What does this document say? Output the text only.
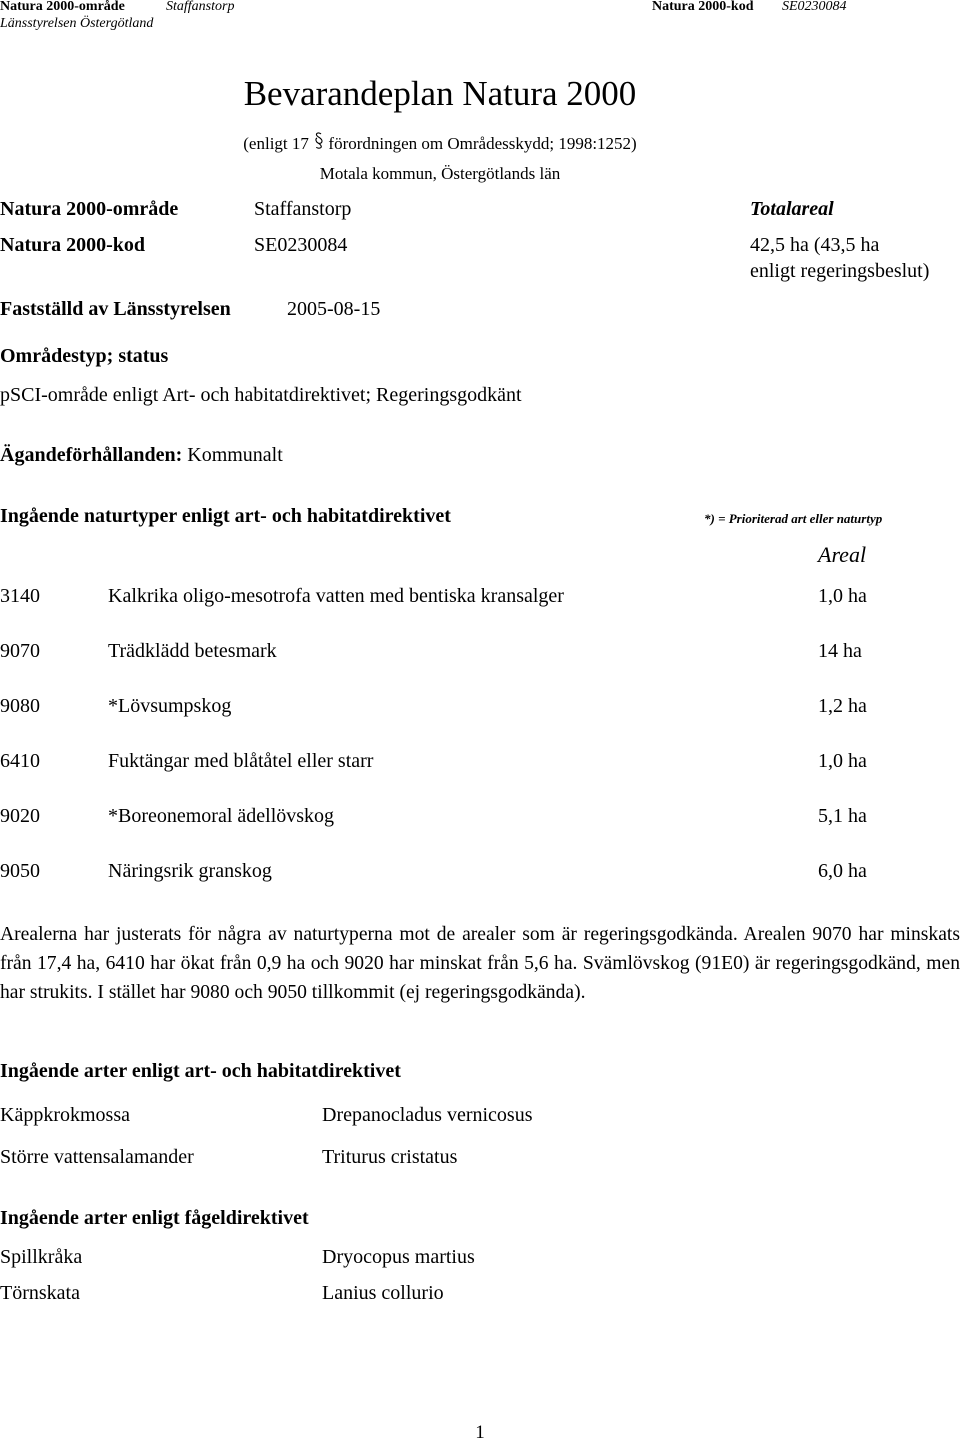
Natura 2000-område	Staffanstorp
Länsstyrelsen Östergötland
Natura 2000-kod SE0230084
Bevarandeplan Natura 2000
(enligt 17 förordningen om Områdesskydd; 1998:1252)
Motala kommun, Östergötlands län
Natura 2000-område	Staffanstorp	Totalareal
Natura 2000-kod	SE0230084	42,5 ha (43,5 ha
enligt regeringsbeslut)
Fastställd av Länsstyrelsen	2005-08-15
Områdestyp; status
pSCI-område enligt Art- och habitatdirektivet; Regeringsgodkänt
Ägandeförhållanden: Kommunalt
Ingående naturtyper enligt art- och habitatdirektivet	*) = Prioriterad art eller naturtyp
Areal
3140	Kalkrika oligo-mesotrofa vatten med bentiska kransalger	1,0 ha
9070	Trädklädd betesmark	14 ha
9080	*Lövsumpskog	1,2 ha
6410	Fuktängar med blåtåtel eller starr	1,0 ha
9020	*Boreonemoral ädellövskog	5,1 ha
9050	Näringsrik granskog	6,0 ha
Arealerna har justerats för några av naturtyperna mot de arealer som är regeringsgodkända. Arealen 9070 har minskats från 17,4 ha, 6410 har ökat från 0,9 ha och 9020 har minskat från 5,6 ha. Svämlövskog (91E0) är regeringsgodkänd, men har strukits. I stället har 9080 och 9050 tillkommit (ej regeringsgodkända).
Ingående arter enligt art- och habitatdirektivet
Käppkrokmossa	Drepanocladus vernicosus
Större vattensalamander	Triturus cristatus
Ingående arter enligt fågeldirektivet
Spillkråka	Dryocopus martius
Törnskata	Lanius collurio
1
